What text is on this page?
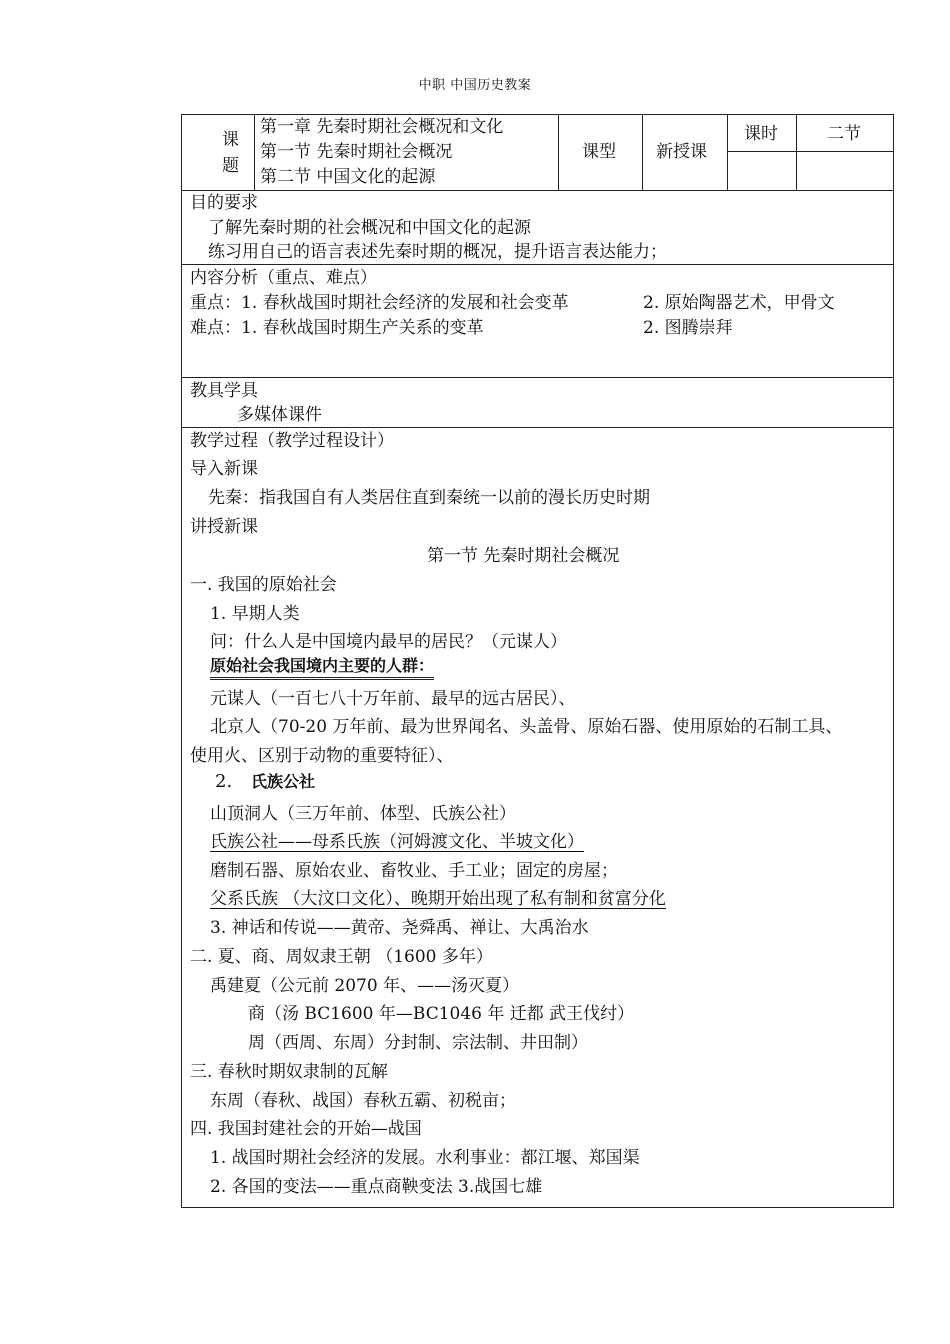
中职 中国历史教案
课
题
第一章 先秦时期社会概况和文化
第一节 先秦时期社会概况
第二节 中国文化的起源
课型 新授课
课时	二节
目的要求
了解先秦时期的社会概况和中国文化的起源
练习用自己的语言表述先秦时期的概况，提升语言表达能力；
内容分析（重点、难点）
重点：1. 春秋战国时期社会经济的发展和社会变革	2. 原始陶器艺术，甲骨文
难点：1. 春秋战国时期生产关系的变革	2. 图腾崇拜
教具学具
多媒体课件
教学过程（教学过程设计）
导入新课
先秦：指我国自有人类居住直到秦统一以前的漫长历史时期
讲授新课
第一节 先秦时期社会概况
一. 我国的原始社会
1. 早期人类
问：什么人是中国境内最早的居民？（元谋人）
原始社会我国境内主要的人群：
元谋人（一百七八十万年前、最早的远古居民）、
北京人（70-20 万年前、最为世界闻名、头盖骨、原始石器、使用原始的石制工具、
使用火、区别于动物的重要特征）、
2. 氏族公社
山顶洞人（三万年前、体型、氏族公社）
氏族公社——母系氏族（河姆渡文化、半坡文化）
磨制石器、原始农业、畜牧业、手工业；固定的房屋；
父系氏族 （大汶口文化）、晚期开始出现了私有制和贫富分化
3. 神话和传说——黄帝、尧舜禹、禅让、大禹治水
二. 夏、商、周奴隶王朝 （1600 多年）
禹建夏（公元前 2070 年、——汤灭夏）
商（汤 BC1600 年—BC1046 年 迁都 武王伐纣）
周（西周、东周）分封制、宗法制、井田制）
三. 春秋时期奴隶制的瓦解
东周（春秋、战国）春秋五霸、初税亩；
四. 我国封建社会的开始—战国
1. 战国时期社会经济的发展。水利事业：都江堰、郑国渠
2. 各国的变法——重点商鞅变法 3.战国七雄
